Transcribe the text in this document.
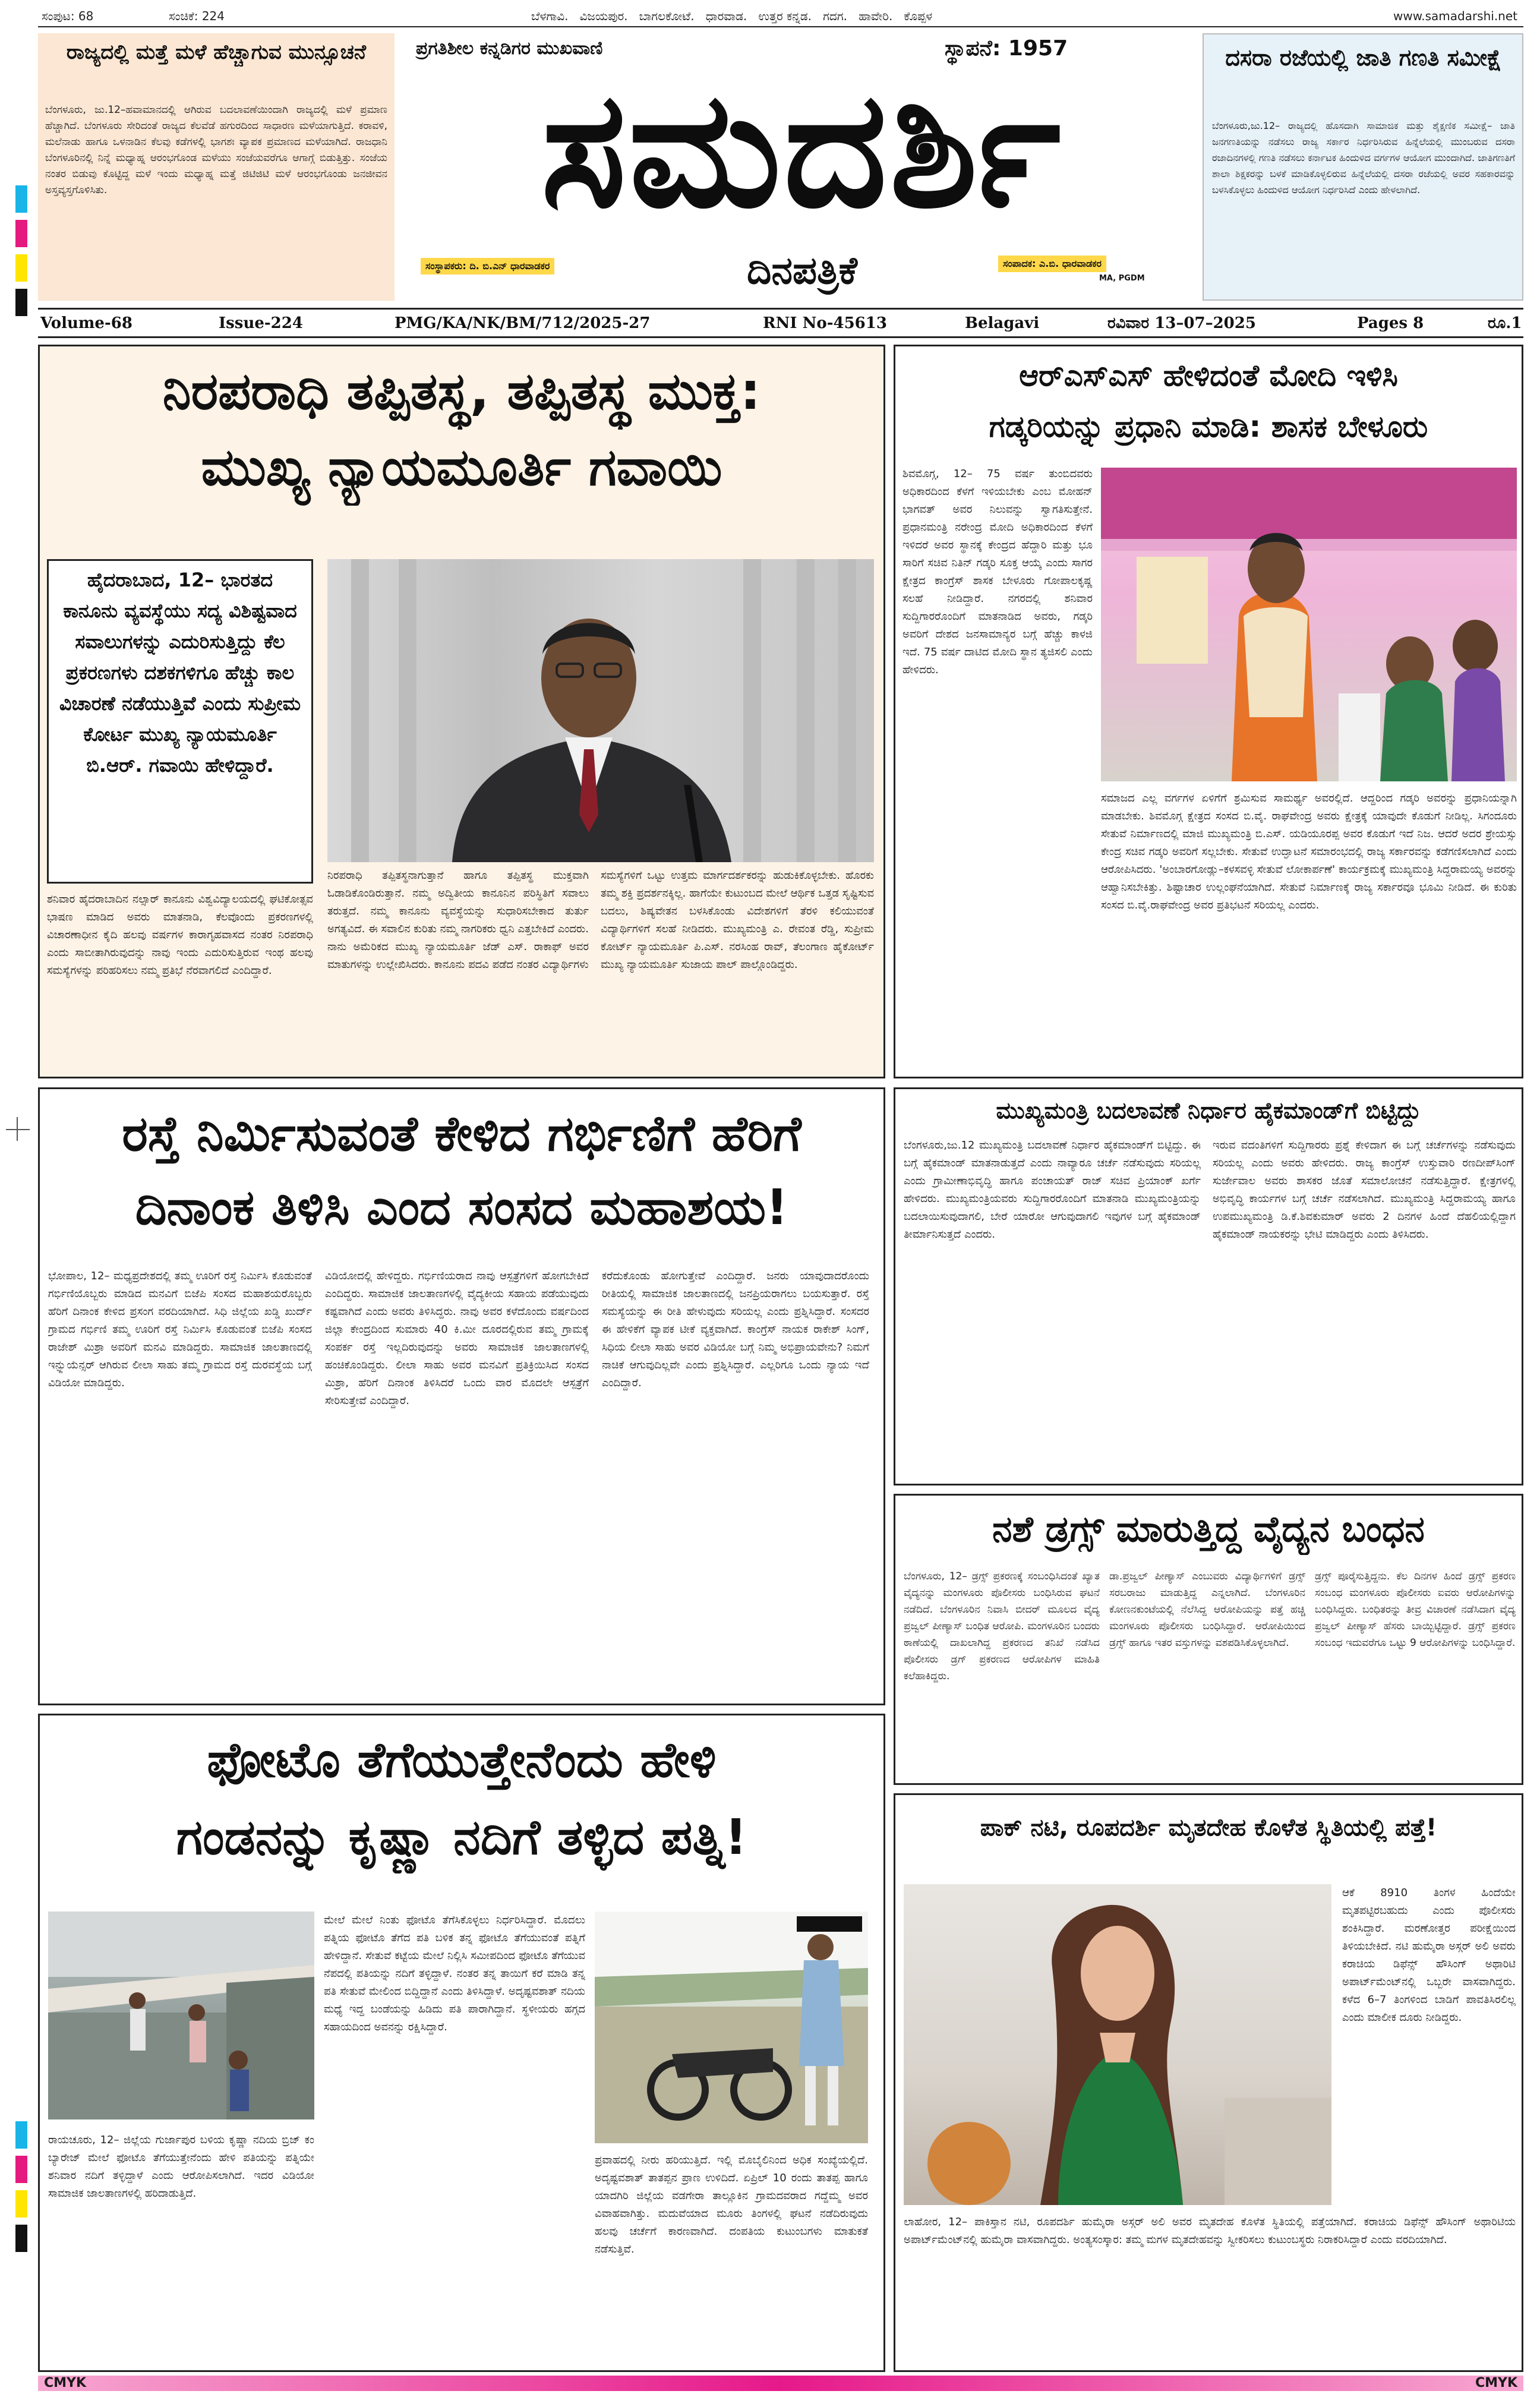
ಸಂಪುಟ: 68	ಸಂಚಿಕೆ: 224	ಬೆಳಗಾವಿ.   ವಿಜಯಪುರ.   ಬಾಗಲಕೋಟೆ.   ಧಾರವಾಡ.   ಉತ್ತರ ಕನ್ನಡ.   ಗದಗ.   ಹಾವೇರಿ.   ಕೊಪ್ಪಳ	www.samadarshi.net
ರಾಜ್ಯದಲ್ಲಿ ಮತ್ತೆ ಮಳೆ ಹೆಚ್ಚಾಗುವ ಮುನ್ಸೂಚನೆ
ಬೆಂಗಳೂರು, ಜು.12–ಹವಾಮಾನದಲ್ಲಿ ಆಗಿರುವ ಬದಲಾವಣೆಯಿಂದಾಗಿ ರಾಜ್ಯದಲ್ಲಿ ಮಳೆ ಪ್ರಮಾಣ ಹೆಚ್ಚಾಗಿದೆ. ಬೆಂಗಳೂರು ಸೇರಿದಂತೆ ರಾಜ್ಯದ ಕೆಲವೆಡೆ ಹಗುರದಿಂದ ಸಾಧಾರಣ ಮಳೆಯಾಗುತ್ತಿದೆ. ಕರಾವಳಿ, ಮಲೆನಾಡು ಹಾಗೂ ಒಳನಾಡಿನ ಕೆಲವು ಕಡೆಗಳಲ್ಲಿ ಭಾಗಶಃ ವ್ಯಾಪಕ ಪ್ರಮಾಣದ ಮಳೆಯಾಗಿದೆ. ರಾಜಧಾನಿ ಬೆಂಗಳೂರಿನಲ್ಲಿ ನಿನ್ನೆ ಮಧ್ಯಾಹ್ನ ಆರಂಭಗೊಂಡ ಮಳೆಯು ಸಂಜೆಯವರೆಗೂ ಆಗಾಗ್ಗೆ ಬಿಡುತ್ತಿತ್ತು. ಸಂಜೆಯ ನಂತರ ಬಿಡುವು ಕೊಟ್ಟಿದ್ದ ಮಳೆ ಇಂದು ಮಧ್ಯಾಹ್ನ ಮತ್ತೆ ಜಿಟಿಜಿಟಿ ಮಳೆ ಆರಂಭಗೊಂಡು ಜನಜೀವನ ಅಸ್ತವ್ಯಸ್ತಗೊಳಿಸಿತು.
ಪ್ರಗತಿಶೀಲ ಕನ್ನಡಿಗರ ಮುಖವಾಣಿ	ಸ್ಥಾಪನೆ: 1957
ಸಮದರ್ಶಿ
ಸಂಸ್ಥಾಪಕರು: ದಿ. ಬಿ.ಎನ್ ಧಾರವಾಡಕರ	ದಿನಪತ್ರಿಕೆ	ಸಂಪಾದಕ: ಎ.ಬಿ. ಧಾರವಾಡಕರ
MA, PGDM
ದಸರಾ ರಜೆಯಲ್ಲಿ ಜಾತಿ ಗಣತಿ ಸಮೀಕ್ಷೆ
ಬೆಂಗಳೂರು,ಜು.12– ರಾಜ್ಯದಲ್ಲಿ ಹೊಸದಾಗಿ ಸಾಮಾಜಿಕ ಮತ್ತು ಶೈಕ್ಷಣಿಕ ಸಮೀಕ್ಷೆ– ಜಾತಿ ಜನಗಣತಿಯನ್ನು ನಡೆಸಲು ರಾಜ್ಯ ಸರ್ಕಾರ ನಿರ್ಧರಿಸಿರುವ ಹಿನ್ನೆಲೆಯಲ್ಲಿ ಮುಂಬರುವ ದಸರಾ ರಜಾದಿನಗಳಲ್ಲಿ ಗಣತಿ ನಡೆಸಲು ಕರ್ನಾಟಕ ಹಿಂದುಳಿದ ವರ್ಗಗಳ ಆಯೋಗ ಮುಂದಾಗಿದೆ. ಜಾತಿಗಣತಿಗೆ ಶಾಲಾ ಶಿಕ್ಷಕರನ್ನು ಬಳಕೆ ಮಾಡಿಕೊಳ್ಳಲಿರುವ ಹಿನ್ನೆಲೆಯಲ್ಲಿ ದಸರಾ ರಜೆಯಲ್ಲಿ ಅವರ ಸಹಕಾರವನ್ನು ಬಳಸಿಕೊಳ್ಳಲು ಹಿಂದುಳಿದ ಆಯೋಗ ನಿರ್ಧರಿಸಿದೆ ಎಂದು ಹೇಳಲಾಗಿದೆ.
Volume-68	Issue-224	PMG/KA/NK/BM/712/2025-27	RNI No-45613	Belagavi	ರವಿವಾರ 13–07–2025	Pages 8	ರೂ.1
ನಿರಪರಾಧಿ ತಪ್ಪಿತಸ್ಥ, ತಪ್ಪಿತಸ್ಥ ಮುಕ್ತ:
ಮುಖ್ಯ ನ್ಯಾಯಮೂರ್ತಿ ಗವಾಯಿ
ಹೈದರಾಬಾದ, 12– ಭಾರತದ ಕಾನೂನು ವ್ಯವಸ್ಥೆಯು ಸದ್ಯ ವಿಶಿಷ್ಟವಾದ ಸವಾಲುಗಳನ್ನು ಎದುರಿಸುತ್ತಿದ್ದು ಕೆಲ ಪ್ರಕರಣಗಳು ದಶಕಗಳಿಗೂ ಹೆಚ್ಚು ಕಾಲ ವಿಚಾರಣೆ ನಡೆಯುತ್ತಿವೆ ಎಂದು ಸುಪ್ರೀಮ ಕೋರ್ಟ ಮುಖ್ಯ ನ್ಯಾಯಮೂರ್ತಿ ಬಿ.ಆರ್. ಗವಾಯಿ ಹೇಳಿದ್ದಾರೆ.
ಶನಿವಾರ ಹೈದರಾಬಾದಿನ ನಲ್ಸಾರ್ ಕಾನೂನು ವಿಶ್ವವಿದ್ಯಾಲಯದಲ್ಲಿ ಘಟಿಕೋತ್ಸವ ಭಾಷಣ ಮಾಡಿದ ಅವರು ಮಾತನಾಡಿ, ಕೆಲವೊಂದು ಪ್ರಕರಣಗಳಲ್ಲಿ ವಿಚಾರಣಾಧೀನ ಕೈದಿ ಹಲವು ವರ್ಷಗಳ ಕಾರಾಗೃಹವಾಸದ ನಂತರ ನಿರಪರಾಧಿ ಎಂದು ಸಾಬೀತಾಗಿರುವುದನ್ನು ನಾವು ಇಂದು ಎದುರಿಸುತ್ತಿರುವ ಇಂಥ ಹಲವು ಸಮಸ್ಯೆಗಳನ್ನು ಪರಿಹರಿಸಲು ನಮ್ಮ ಪ್ರತಿಭೆ ನೆರವಾಗಲಿದೆ ಎಂದಿದ್ದಾರೆ.
ನಿರಪರಾಧಿ ತಪ್ಪಿತಸ್ಥನಾಗುತ್ತಾನೆ ಹಾಗೂ ತಪ್ಪಿತಸ್ಥ ಮುಕ್ತವಾಗಿ ಓಡಾಡಿಕೊಂಡಿರುತ್ತಾನೆ. ನಮ್ಮ ಅದ್ವಿತೀಯ ಕಾನೂನಿನ ಪರಿಸ್ಥಿತಿಗೆ ಸವಾಲು ತರುತ್ತದೆ. ನಮ್ಮ ಕಾನೂನು ವ್ಯವಸ್ಥೆಯನ್ನು ಸುಧಾರಿಸಬೇಕಾದ ತುರ್ತು ಅಗತ್ಯವಿದೆ. ಈ ಸವಾಲಿನ ಕುರಿತು ನಮ್ಮ ನಾಗರಿಕರು ಧ್ವನಿ ಎತ್ತಬೇಕಿದೆ ಎಂದರು. ನಾನು ಅಮೆರಿಕದ ಮುಖ್ಯ ನ್ಯಾಯಮೂರ್ತಿ ಜೆಡ್ ಎಸ್. ರಾಕಾಫ್ ಅವರ ಮಾತುಗಳನ್ನು ಉಲ್ಲೇಖಿಸಿದರು. ಕಾನೂನು ಪದವಿ ಪಡೆದ ನಂತರ ವಿದ್ಯಾರ್ಥಿಗಳು
ಸಮಸ್ಯೆಗಳಿಗೆ ಒಟ್ಟು ಉತ್ತಮ ಮಾರ್ಗದರ್ಶಕರನ್ನು ಹುಡುಕಿಕೊಳ್ಳಬೇಕು. ಹೊರಕು ತಮ್ಮ ಶಕ್ತಿ ಪ್ರದರ್ಶನಕ್ಕಿಲ್ಲ. ಹಾಗೆಯೇ ಕುಟುಂಬದ ಮೇಲೆ ಆರ್ಥಿಕ ಒತ್ತಡ ಸೃಷ್ಟಿಸುವ ಬದಲು, ಶಿಷ್ಯವೇತನ ಬಳಸಿಕೊಂಡು ವಿದೇಶಗಳಿಗೆ ತೆರಳಿ ಕಲಿಯುವಂತೆ ವಿದ್ಯಾರ್ಥಿಗಳಿಗೆ ಸಲಹೆ ನೀಡಿದರು. ಮುಖ್ಯಮಂತ್ರಿ ಎ. ರೇವಂತ ರೆಡ್ಡಿ, ಸುಪ್ರೀಮ ಕೋರ್ಟ್ ನ್ಯಾಯಮೂರ್ತಿ ಪಿ.ಎಸ್. ನರಸಿಂಹ ರಾವ್, ತೆಲಂಗಾಣ ಹೈಕೋರ್ಟ್ ಮುಖ್ಯ ನ್ಯಾಯಮೂರ್ತಿ ಸುಜಾಯ ಪಾಲ್ ಪಾಲ್ಗೊಂಡಿದ್ದರು.
ಆರ್‌ಎಸ್‌ಎಸ್ ಹೇಳಿದಂತೆ ಮೋದಿ ಇಳಿಸಿ
ಗಡ್ಕರಿಯನ್ನು ಪ್ರಧಾನಿ ಮಾಡಿ: ಶಾಸಕ ಬೇಳೂರು
ಶಿವಮೊಗ್ಗ, 12– 75 ವರ್ಷ ತುಂಬಿದವರು ಅಧಿಕಾರದಿಂದ ಕೆಳಗೆ ಇಳಿಯಬೇಕು ಎಂಬ ಮೋಹನ್ ಭಾಗವತ್ ಅವರ ನಿಲುವನ್ನು ಸ್ವಾಗತಿಸುತ್ತೇನೆ. ಪ್ರಧಾನಮಂತ್ರಿ ನರೇಂದ್ರ ಮೋದಿ ಅಧಿಕಾರದಿಂದ ಕೆಳಗೆ ಇಳಿದರೆ ಅವರ ಸ್ಥಾನಕ್ಕೆ ಕೇಂದ್ರದ ಹೆದ್ದಾರಿ ಮತ್ತು ಭೂ ಸಾರಿಗೆ ಸಚಿವ ನಿತಿನ್ ಗಡ್ಕರಿ ಸೂಕ್ತ ಆಯ್ಕೆ ಎಂದು ಸಾಗರ ಕ್ಷೇತ್ರದ ಕಾಂಗ್ರೆಸ್ ಶಾಸಕ ಬೇಳೂರು ಗೋಪಾಲಕೃಷ್ಣ ಸಲಹೆ ನೀಡಿದ್ದಾರೆ. ನಗರದಲ್ಲಿ ಶನಿವಾರ ಸುದ್ದಿಗಾರರೊಂದಿಗೆ ಮಾತನಾಡಿದ ಅವರು, ಗಡ್ಕರಿ ಅವರಿಗೆ ದೇಶದ ಜನಸಾಮಾನ್ಯರ ಬಗ್ಗೆ ಹೆಚ್ಚು ಕಾಳಜಿ ಇದೆ. 75 ವರ್ಷ ದಾಟಿದ ಮೋದಿ ಸ್ಥಾನ ತ್ಯಜಿಸಲಿ ಎಂದು ಹೇಳಿದರು.
ಸಮಾಜದ ಎಲ್ಲ ವರ್ಗಗಳ ಏಳಿಗೆಗೆ ಶ್ರಮಿಸುವ ಸಾಮರ್ಥ್ಯ ಅವರಲ್ಲಿದೆ. ಆದ್ದರಿಂದ ಗಡ್ಕರಿ ಅವರನ್ನು ಪ್ರಧಾನಿಯನ್ನಾಗಿ ಮಾಡಬೇಕು. ಶಿವಮೊಗ್ಗ ಕ್ಷೇತ್ರದ ಸಂಸದ ಬಿ.ವೈ. ರಾಘವೇಂದ್ರ ಅವರು ಕ್ಷೇತ್ರಕ್ಕೆ ಯಾವುದೇ ಕೊಡುಗೆ ನೀಡಿಲ್ಲ. ಸಿಗಂದೂರು ಸೇತುವೆ ನಿರ್ಮಾಣದಲ್ಲಿ ಮಾಜಿ ಮುಖ್ಯಮಂತ್ರಿ ಬಿ.ಎಸ್. ಯಡಿಯೂರಪ್ಪ ಅವರ ಕೊಡುಗೆ ಇದೆ ನಿಜ. ಆದರೆ ಅದರ ಶ್ರೇಯಸ್ಸು ಕೇಂದ್ರ ಸಚಿವ ಗಡ್ಕರಿ ಅವರಿಗೆ ಸಲ್ಲಬೇಕು. ಸೇತುವೆ ಉದ್ಘಾಟನೆ ಸಮಾರಂಭದಲ್ಲಿ ರಾಜ್ಯ ಸರ್ಕಾರವನ್ನು ಕಡೆಗಣಿಸಲಾಗಿದೆ ಎಂದು ಆರೋಪಿಸಿದರು. 'ಅಂಬಾರಗೋಡ್ಲು–ಕಳಸವಳ್ಳಿ ಸೇತುವೆ ಲೋಕಾರ್ಪಣೆ' ಕಾರ್ಯಕ್ರಮಕ್ಕೆ ಮುಖ್ಯಮಂತ್ರಿ ಸಿದ್ದರಾಮಯ್ಯ ಅವರನ್ನು ಆಹ್ವಾನಿಸಬೇಕಿತ್ತು. ಶಿಷ್ಟಾಚಾರ ಉಲ್ಲಂಘನೆಯಾಗಿದೆ. ಸೇತುವೆ ನಿರ್ಮಾಣಕ್ಕೆ ರಾಜ್ಯ ಸರ್ಕಾರವೂ ಭೂಮಿ ನೀಡಿದೆ. ಈ ಕುರಿತು ಸಂಸದ ಬಿ.ವೈ.ರಾಘವೇಂದ್ರ ಅವರ ಪ್ರತಿಭಟನೆ ಸರಿಯಲ್ಲ ಎಂದರು.
ರಸ್ತೆ ನಿರ್ಮಿಸುವಂತೆ ಕೇಳಿದ ಗರ್ಭಿಣಿಗೆ ಹೆರಿಗೆ
ದಿನಾಂಕ ತಿಳಿಸಿ ಎಂದ ಸಂಸದ ಮಹಾಶಯ!
ಭೋಪಾಲ, 12– ಮಧ್ಯಪ್ರದೇಶದಲ್ಲಿ ತಮ್ಮ ಊರಿಗೆ ರಸ್ತೆ ನಿರ್ಮಿಸಿ ಕೊಡುವಂತೆ ಗರ್ಭಿಣಿಯೊಬ್ಬರು ಮಾಡಿದ ಮನವಿಗೆ ಬಿಜೆಪಿ ಸಂಸದ ಮಹಾಶಯರೊಬ್ಬರು ಹೆರಿಗೆ ದಿನಾಂಕ ಕೇಳಿದ ಪ್ರಸಂಗ ವರದಿಯಾಗಿದೆ. ಸಿಧಿ ಜಿಲ್ಲೆಯ ಖಡ್ಡಿ ಖುರ್ದ್ ಗ್ರಾಮದ ಗರ್ಭಿಣಿ ತಮ್ಮ ಊರಿಗೆ ರಸ್ತೆ ನಿರ್ಮಿಸಿ ಕೊಡುವಂತೆ ಬಿಜೆಪಿ ಸಂಸದ ರಾಜೇಶ್ ಮಿಶ್ರಾ ಅವರಿಗೆ ಮನವಿ ಮಾಡಿದ್ದರು. ಸಾಮಾಜಿಕ ಜಾಲತಾಣದಲ್ಲಿ ಇನ್ಫ್ಲುಯೆನ್ಸರ್ ಆಗಿರುವ ಲೀಲಾ ಸಾಹು ತಮ್ಮ ಗ್ರಾಮದ ರಸ್ತೆ ದುರವಸ್ಥೆಯ ಬಗ್ಗೆ ವಿಡಿಯೋ ಮಾಡಿದ್ದರು.
ವಿಡಿಯೋದಲ್ಲಿ ಹೇಳಿದ್ದರು. ಗರ್ಭಿಣಿಯರಾದ ನಾವು ಆಸ್ಪತ್ರೆಗಳಿಗೆ ಹೋಗಬೇಕಿದೆ ಎಂದಿದ್ದರು. ಸಾಮಾಜಿಕ ಜಾಲತಾಣಗಳಲ್ಲಿ ವೈದ್ಯಕೀಯ ಸಹಾಯ ಪಡೆಯುವುದು ಕಷ್ಟವಾಗಿದೆ ಎಂದು ಅವರು ತಿಳಿಸಿದ್ದರು. ನಾವು ಅವರ ಕಳೆದೊಂದು ವರ್ಷದಿಂದ ಜಿಲ್ಲಾ ಕೇಂದ್ರದಿಂದ ಸುಮಾರು 40 ಕಿ.ಮೀ ದೂರದಲ್ಲಿರುವ ತಮ್ಮ ಗ್ರಾಮಕ್ಕೆ ಸಂಪರ್ಕ ರಸ್ತೆ ಇಲ್ಲದಿರುವುದನ್ನು ಅವರು ಸಾಮಾಜಿಕ ಜಾಲತಾಣಗಳಲ್ಲಿ ಹಂಚಿಕೊಂಡಿದ್ದರು. ಲೀಲಾ ಸಾಹು ಅವರ ಮನವಿಗೆ ಪ್ರತಿಕ್ರಿಯಿಸಿದ ಸಂಸದ ಮಿಶ್ರಾ, ಹೆರಿಗೆ ದಿನಾಂಕ ತಿಳಿಸಿದರೆ ಒಂದು ವಾರ ಮೊದಲೇ ಆಸ್ಪತ್ರೆಗೆ ಸೇರಿಸುತ್ತೇವೆ ಎಂದಿದ್ದಾರೆ.
ಕರೆದುಕೊಂಡು ಹೋಗುತ್ತೇವೆ ಎಂದಿದ್ದಾರೆ. ಜನರು ಯಾವುದಾದರೊಂದು ರೀತಿಯಲ್ಲಿ ಸಾಮಾಜಿಕ ಜಾಲತಾಣದಲ್ಲಿ ಜನಪ್ರಿಯರಾಗಲು ಬಯಸುತ್ತಾರೆ. ರಸ್ತೆ ಸಮಸ್ಯೆಯನ್ನು ಈ ರೀತಿ ಹೇಳುವುದು ಸರಿಯಲ್ಲ ಎಂದು ಪ್ರಶ್ನಿಸಿದ್ದಾರೆ. ಸಂಸದರ ಈ ಹೇಳಿಕೆಗೆ ವ್ಯಾಪಕ ಟೀಕೆ ವ್ಯಕ್ತವಾಗಿದೆ. ಕಾಂಗ್ರೆಸ್ ನಾಯಕ ರಾಕೇಶ್ ಸಿಂಗ್, ಸಿಧಿಯ ಲೀಲಾ ಸಾಹು ಅವರ ವಿಡಿಯೋ ಬಗ್ಗೆ ನಿಮ್ಮ ಅಭಿಪ್ರಾಯವೇನು? ನಿಮಗೆ ನಾಚಿಕೆ ಆಗುವುದಿಲ್ಲವೇ ಎಂದು ಪ್ರಶ್ನಿಸಿದ್ದಾರೆ. ಎಲ್ಲರಿಗೂ ಒಂದು ನ್ಯಾಯ ಇದೆ ಎಂದಿದ್ದಾರೆ.
ಮುಖ್ಯಮಂತ್ರಿ ಬದಲಾವಣೆ ನಿರ್ಧಾರ ಹೈಕಮಾಂಡ್‌ಗೆ ಬಿಟ್ಟಿದ್ದು
ಬೆಂಗಳೂರು,ಜು.12 ಮುಖ್ಯಮಂತ್ರಿ ಬದಲಾವಣೆ ನಿರ್ಧಾರ ಹೈಕಮಾಂಡ್‌ಗೆ ಬಿಟ್ಟಿದ್ದು. ಈ ಬಗ್ಗೆ ಹೈಕಮಾಂಡ್ ಮಾತನಾಡುತ್ತದೆ ಎಂದು ನಾವ್ಯಾರೂ ಚರ್ಚೆ ನಡೆಸುವುದು ಸರಿಯಲ್ಲ ಎಂದು ಗ್ರಾಮೀಣಾಭಿವೃದ್ಧಿ ಹಾಗೂ ಪಂಚಾಯತ್ ರಾಜ್ ಸಚಿವ ಪ್ರಿಯಾಂಕ್ ಖರ್ಗೆ ಹೇಳಿದರು. ಮುಖ್ಯಮಂತ್ರಿಯವರು ಸುದ್ದಿಗಾರರೊಂದಿಗೆ ಮಾತನಾಡಿ ಮುಖ್ಯಮಂತ್ರಿಯನ್ನು ಬದಲಾಯಿಸುವುದಾಗಲಿ, ಬೇರೆ ಯಾರೋ ಆಗುವುದಾಗಲಿ ಇವುಗಳ ಬಗ್ಗೆ ಹೈಕಮಾಂಡ್ ತೀರ್ಮಾನಿಸುತ್ತದೆ ಎಂದರು.
ಇರುವ ವದಂತಿಗಳಿಗೆ ಸುದ್ದಿಗಾರರು ಪ್ರಶ್ನೆ ಕೇಳಿದಾಗ ಈ ಬಗ್ಗೆ ಚರ್ಚೆಗಳನ್ನು ನಡೆಸುವುದು ಸರಿಯಲ್ಲ ಎಂದು ಅವರು ಹೇಳಿದರು. ರಾಜ್ಯ ಕಾಂಗ್ರೆಸ್ ಉಸ್ತುವಾರಿ ರಣದೀಪ್‌ಸಿಂಗ್ ಸುರ್ಜೇವಾಲ ಅವರು ಶಾಸಕರ ಜೊತೆ ಸಮಾಲೋಚನೆ ನಡೆಸುತ್ತಿದ್ದಾರೆ. ಕ್ಷೇತ್ರಗಳಲ್ಲಿ ಅಭಿವೃದ್ಧಿ ಕಾರ್ಯಗಳ ಬಗ್ಗೆ ಚರ್ಚೆ ನಡೆಸಲಾಗಿದೆ. ಮುಖ್ಯಮಂತ್ರಿ ಸಿದ್ದರಾಮಯ್ಯ ಹಾಗೂ ಉಪಮುಖ್ಯಮಂತ್ರಿ ಡಿ.ಕೆ.ಶಿವಕುಮಾರ್ ಅವರು 2 ದಿನಗಳ ಹಿಂದೆ ದೆಹಲಿಯಲ್ಲಿದ್ದಾಗ ಹೈಕಮಾಂಡ್ ನಾಯಕರನ್ನು ಭೇಟಿ ಮಾಡಿದ್ದರು ಎಂದು ತಿಳಿಸಿದರು.
ನಶೆ ಡ್ರಗ್ಸ್ ಮಾರುತ್ತಿದ್ದ ವೈದ್ಯನ ಬಂಧನ
ಬೆಂಗಳೂರು, 12– ಡ್ರಗ್ಸ್ ಪ್ರಕರಣಕ್ಕೆ ಸಂಬಂಧಿಸಿದಂತೆ ಖ್ಯಾತ ವೈದ್ಯನನ್ನು ಮಂಗಳೂರು ಪೊಲೀಸರು ಬಂಧಿಸಿರುವ ಘಟನೆ ನಡೆದಿದೆ. ಬೆಂಗಳೂರಿನ ನಿವಾಸಿ ಬೀದರ್ ಮೂಲದ ವೈದ್ಯ ಪ್ರಜ್ವಲ್ ಪೀಣ್ಯಾಸ್ ಬಂಧಿತ ಆರೋಪಿ. ಮಂಗಳೂರಿನ ಬಂದರು ಠಾಣೆಯಲ್ಲಿ ದಾಖಲಾಗಿದ್ದ ಪ್ರಕರಣದ ತನಿಖೆ ನಡೆಸಿದ ಪೊಲೀಸರು ಡ್ರಗ್ ಪ್ರಕರಣದ ಆರೋಪಿಗಳ ಮಾಹಿತಿ ಕಲೆಹಾಕಿದ್ದರು.
ಡಾ.ಪ್ರಜ್ವಲ್ ಪೀಣ್ಯಾಸ್ ಎಂಬುವರು ವಿದ್ಯಾರ್ಥಿಗಳಿಗೆ ಡ್ರಗ್ಸ್ ಸರಬರಾಜು ಮಾಡುತ್ತಿದ್ದ ಎನ್ನಲಾಗಿದೆ. ಬೆಂಗಳೂರಿನ ಕೋಣನಕುಂಟೆಯಲ್ಲಿ ನೆಲೆಸಿದ್ದ ಆರೋಪಿಯನ್ನು ಪತ್ತೆ ಹಚ್ಚಿ ಮಂಗಳೂರು ಪೊಲೀಸರು ಬಂಧಿಸಿದ್ದಾರೆ. ಆರೋಪಿಯಿಂದ ಡ್ರಗ್ಸ್ ಹಾಗೂ ಇತರ ವಸ್ತುಗಳನ್ನು ವಶಪಡಿಸಿಕೊಳ್ಳಲಾಗಿದೆ.
ಡ್ರಗ್ಸ್ ಪೂರೈಸುತ್ತಿದ್ದನು. ಕೆಲ ದಿನಗಳ ಹಿಂದೆ ಡ್ರಗ್ಸ್ ಪ್ರಕರಣ ಸಂಬಂಧ ಮಂಗಳೂರು ಪೊಲೀಸರು ಐವರು ಆರೋಪಿಗಳನ್ನು ಬಂಧಿಸಿದ್ದರು. ಬಂಧಿತರನ್ನು ತೀವ್ರ ವಿಚಾರಣೆ ನಡೆಸಿದಾಗ ವೈದ್ಯ ಪ್ರಜ್ವಲ್ ಪೀಣ್ಯಾಸ್ ಹೆಸರು ಬಾಯ್ಬಿಟ್ಟಿದ್ದಾರೆ. ಡ್ರಗ್ಸ್ ಪ್ರಕರಣ ಸಂಬಂಧ ಇದುವರೆಗೂ ಒಟ್ಟು 9 ಆರೋಪಿಗಳನ್ನು ಬಂಧಿಸಿದ್ದಾರೆ.
ಫೋಟೊ ತೆಗೆಯುತ್ತೇನೆಂದು ಹೇಳಿ
ಗಂಡನನ್ನು ಕೃಷ್ಣಾ ನದಿಗೆ ತಳ್ಳಿದ ಪತ್ನಿ!
ರಾಯಚೂರು, 12– ಜಿಲ್ಲೆಯ ಗುರ್ಜಾಪುರ ಬಳಿಯ ಕೃಷ್ಣಾ ನದಿಯ ಬ್ರಿಜ್ ಕಂ ಬ್ಯಾರೇಜ್ ಮೇಲೆ ಫೋಟೊ ತೆಗೆಯುತ್ತೇನೆಂದು ಹೇಳಿ ಪತಿಯನ್ನು ಪತ್ನಿಯೇ ಶನಿವಾರ ನದಿಗೆ ತಳ್ಳಿದ್ದಾಳೆ ಎಂದು ಆರೋಪಿಸಲಾಗಿದೆ. ಇದರ ವಿಡಿಯೋ ಸಾಮಾಜಿಕ ಜಾಲತಾಣಗಳಲ್ಲಿ ಹರಿದಾಡುತ್ತಿದೆ.
ಮೇಲೆ ಮೇಲೆ ನಿಂತು ಫೋಟೊ ತೆಗೆಸಿಕೊಳ್ಳಲು ನಿರ್ಧರಿಸಿದ್ದಾರೆ. ಮೊದಲು ಪತ್ನಿಯ ಫೋಟೊ ತೆಗೆದ ಪತಿ ಬಳಿಕ ತನ್ನ ಫೋಟೊ ತೆಗೆಯುವಂತೆ ಪತ್ನಿಗೆ ಹೇಳಿದ್ದಾನೆ. ಸೇತುವೆ ಕಟ್ಟೆಯ ಮೇಲೆ ನಿಲ್ಲಿಸಿ ಸಮೀಪದಿಂದ ಫೋಟೊ ತೆಗೆಯುವ ನೆಪದಲ್ಲಿ ಪತಿಯನ್ನು ನದಿಗೆ ತಳ್ಳಿದ್ದಾಳೆ. ನಂತರ ತನ್ನ ತಾಯಿಗೆ ಕರೆ ಮಾಡಿ ತನ್ನ ಪತಿ ಸೇತುವೆ ಮೇಲಿಂದ ಬಿದ್ದಿದ್ದಾನೆ ಎಂದು ತಿಳಿಸಿದ್ದಾಳೆ. ಅದೃಷ್ಟವಶಾತ್ ನದಿಯ ಮಧ್ಯೆ ಇದ್ದ ಬಂಡೆಯನ್ನು ಹಿಡಿದು ಪತಿ ಪಾರಾಗಿದ್ದಾನೆ. ಸ್ಥಳೀಯರು ಹಗ್ಗದ ಸಹಾಯದಿಂದ ಅವನನ್ನು ರಕ್ಷಿಸಿದ್ದಾರೆ.
ಪ್ರವಾಹದಲ್ಲಿ ನೀರು ಹರಿಯುತ್ತಿದೆ. ಇಲ್ಲಿ ಮೊಬೈಲಿನಿಂದ ಅಧಿಕ ಸಂಖ್ಯೆಯಲ್ಲಿದೆ. ಅದೃಷ್ಟವಶಾತ್ ತಾತಪ್ಪನ ಪ್ರಾಣ ಉಳಿದಿದೆ. ಏಪ್ರಿಲ್ 10 ರಂದು ತಾತಪ್ಪ ಹಾಗೂ ಯಾದಗಿರಿ ಜಿಲ್ಲೆಯ ವಡಗೇರಾ ತಾಲ್ಲೂಕಿನ ಗ್ರಾಮದವರಾದ ಗದ್ದೆಮ್ಮ ಅವರ ವಿವಾಹವಾಗಿತ್ತು. ಮದುವೆಯಾದ ಮೂರು ತಿಂಗಳಲ್ಲಿ ಘಟನೆ ನಡೆದಿರುವುದು ಹಲವು ಚರ್ಚೆಗೆ ಕಾರಣವಾಗಿದೆ. ದಂಪತಿಯ ಕುಟುಂಬಗಳು ಮಾತುಕತೆ ನಡೆಸುತ್ತಿವೆ.
ಪಾಕ್ ನಟಿ, ರೂಪದರ್ಶಿ ಮೃತದೇಹ ಕೊಳೆತ ಸ್ಥಿತಿಯಲ್ಲಿ ಪತ್ತೆ!
ಆಕೆ 8910 ತಿಂಗಳ ಹಿಂದೆಯೇ ಮೃತಪಟ್ಟಿರಬಹುದು ಎಂದು ಪೊಲೀಸರು ಶಂಕಿಸಿದ್ದಾರೆ. ಮರಣೋತ್ತರ ಪರೀಕ್ಷೆಯಿಂದ ತಿಳಿಯಬೇಕಿದೆ. ನಟಿ ಹುಮೈರಾ ಅಸ್ಗರ್ ಅಲಿ ಅವರು ಕರಾಚಿಯ ಡಿಫೆನ್ಸ್ ಹೌಸಿಂಗ್ ಅಥಾರಿಟಿ ಅಪಾರ್ಟ್‌ಮೆಂಟ್‌ನಲ್ಲಿ ಒಬ್ಬರೇ ವಾಸವಾಗಿದ್ದರು. ಕಳೆದ 6–7 ತಿಂಗಳಿಂದ ಬಾಡಿಗೆ ಪಾವತಿಸಿರಲಿಲ್ಲ ಎಂದು ಮಾಲೀಕ ದೂರು ನೀಡಿದ್ದರು.
ಲಾಹೋರ, 12– ಪಾಕಿಸ್ತಾನ ನಟಿ, ರೂಪದರ್ಶಿ ಹುಮೈರಾ ಅಸ್ಗರ್ ಅಲಿ ಅವರ ಮೃತದೇಹ ಕೊಳೆತ ಸ್ಥಿತಿಯಲ್ಲಿ ಪತ್ತೆಯಾಗಿದೆ. ಕರಾಚಿಯ ಡಿಫೆನ್ಸ್ ಹೌಸಿಂಗ್ ಅಥಾರಿಟಿಯ ಅಪಾರ್ಟ್‌ಮೆಂಟ್‌ನಲ್ಲಿ ಹುಮೈರಾ ವಾಸವಾಗಿದ್ದರು. ಅಂತ್ಯಸಂಸ್ಕಾರ: ತಮ್ಮ ಮಗಳ ಮೃತದೇಹವನ್ನು ಸ್ವೀಕರಿಸಲು ಕುಟುಂಬಸ್ಥರು ನಿರಾಕರಿಸಿದ್ದಾರೆ ಎಂದು ವರದಿಯಾಗಿದೆ.
CMYK	CMYK
